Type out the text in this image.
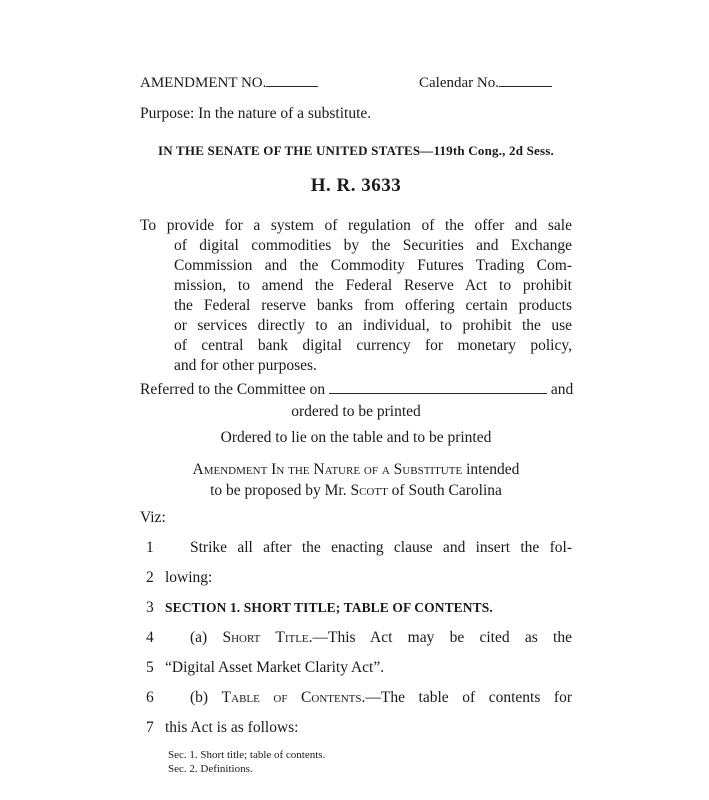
AMENDMENT NO.	Calendar No.
Purpose: In the nature of a substitute.
IN THE SENATE OF THE UNITED STATES—119th Cong., 2d Sess.
H. R. 3633
To provide for a system of regulation of the offer and sale
of digital commodities by the Securities and Exchange
Commission and the Commodity Futures Trading Com-
mission, to amend the Federal Reserve Act to prohibit
the Federal reserve banks from offering certain products
or services directly to an individual, to prohibit the use
of central bank digital currency for monetary policy,
and for other purposes.
Referred to the Committee on	and
ordered to be printed
Ordered to lie on the table and to be printed
Amendment In the Nature of a Substitute intended
to be proposed by Mr. Scott of South Carolina
Viz:
1	Strike all after the enacting clause and insert the fol-
2 lowing:
3 SECTION 1. SHORT TITLE; TABLE OF CONTENTS.
4	(a) Short Title.—This Act may be cited as the
5 “Digital Asset Market Clarity Act”.
6	(b) Table of Contents.—The table of contents for
7 this Act is as follows:
Sec. 1. Short title; table of contents.
Sec. 2. Definitions.
